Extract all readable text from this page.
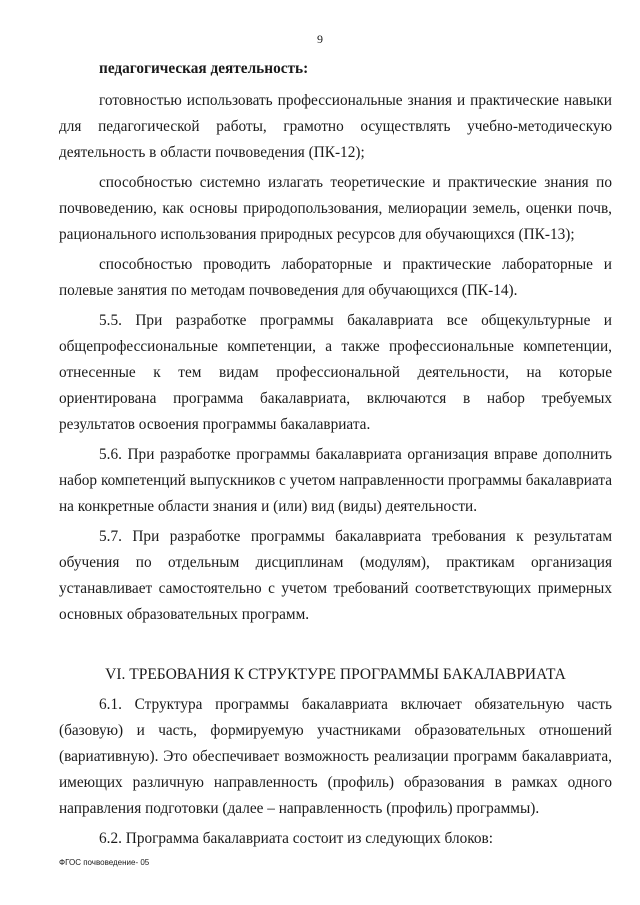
9

педагогическая деятельность:

готовностью использовать профессиональные знания и практические навыки для педагогической работы, грамотно осуществлять учебно-методическую деятельность в области почвоведения (ПК-12);

способностью системно излагать теоретические и практические знания по почвоведению, как основы природопользования, мелиорации земель, оценки почв, рационального использования природных ресурсов для обучающихся (ПК-13);

способностью проводить лабораторные и практические лабораторные и полевые занятия по методам почвоведения для обучающихся (ПК-14).

5.5. При разработке программы бакалавриата все общекультурные и общепрофессиональные компетенции, а также профессиональные компетенции, отнесенные к тем видам профессиональной деятельности, на которые ориентирована программа бакалавриата, включаются в набор требуемых результатов освоения программы бакалавриата.

5.6. При разработке программы бакалавриата организация вправе дополнить набор компетенций выпускников с учетом направленности программы бакалавриата на конкретные области знания и (или) вид (виды) деятельности.

5.7. При разработке программы бакалавриата требования к результатам обучения по отдельным дисциплинам (модулям), практикам организация устанавливает самостоятельно с учетом требований соответствующих примерных основных образовательных программ.

VI. ТРЕБОВАНИЯ К СТРУКТУРЕ ПРОГРАММЫ БАКАЛАВРИАТА

6.1. Структура программы бакалавриата включает обязательную часть (базовую) и часть, формируемую участниками образовательных отношений (вариативную). Это обеспечивает возможность реализации программ бакалавриата, имеющих различную направленность (профиль) образования в рамках одного направления подготовки (далее – направленность (профиль) программы).

6.2. Программа бакалавриата состоит из следующих блоков:

ФГОС почвоведение- 05
